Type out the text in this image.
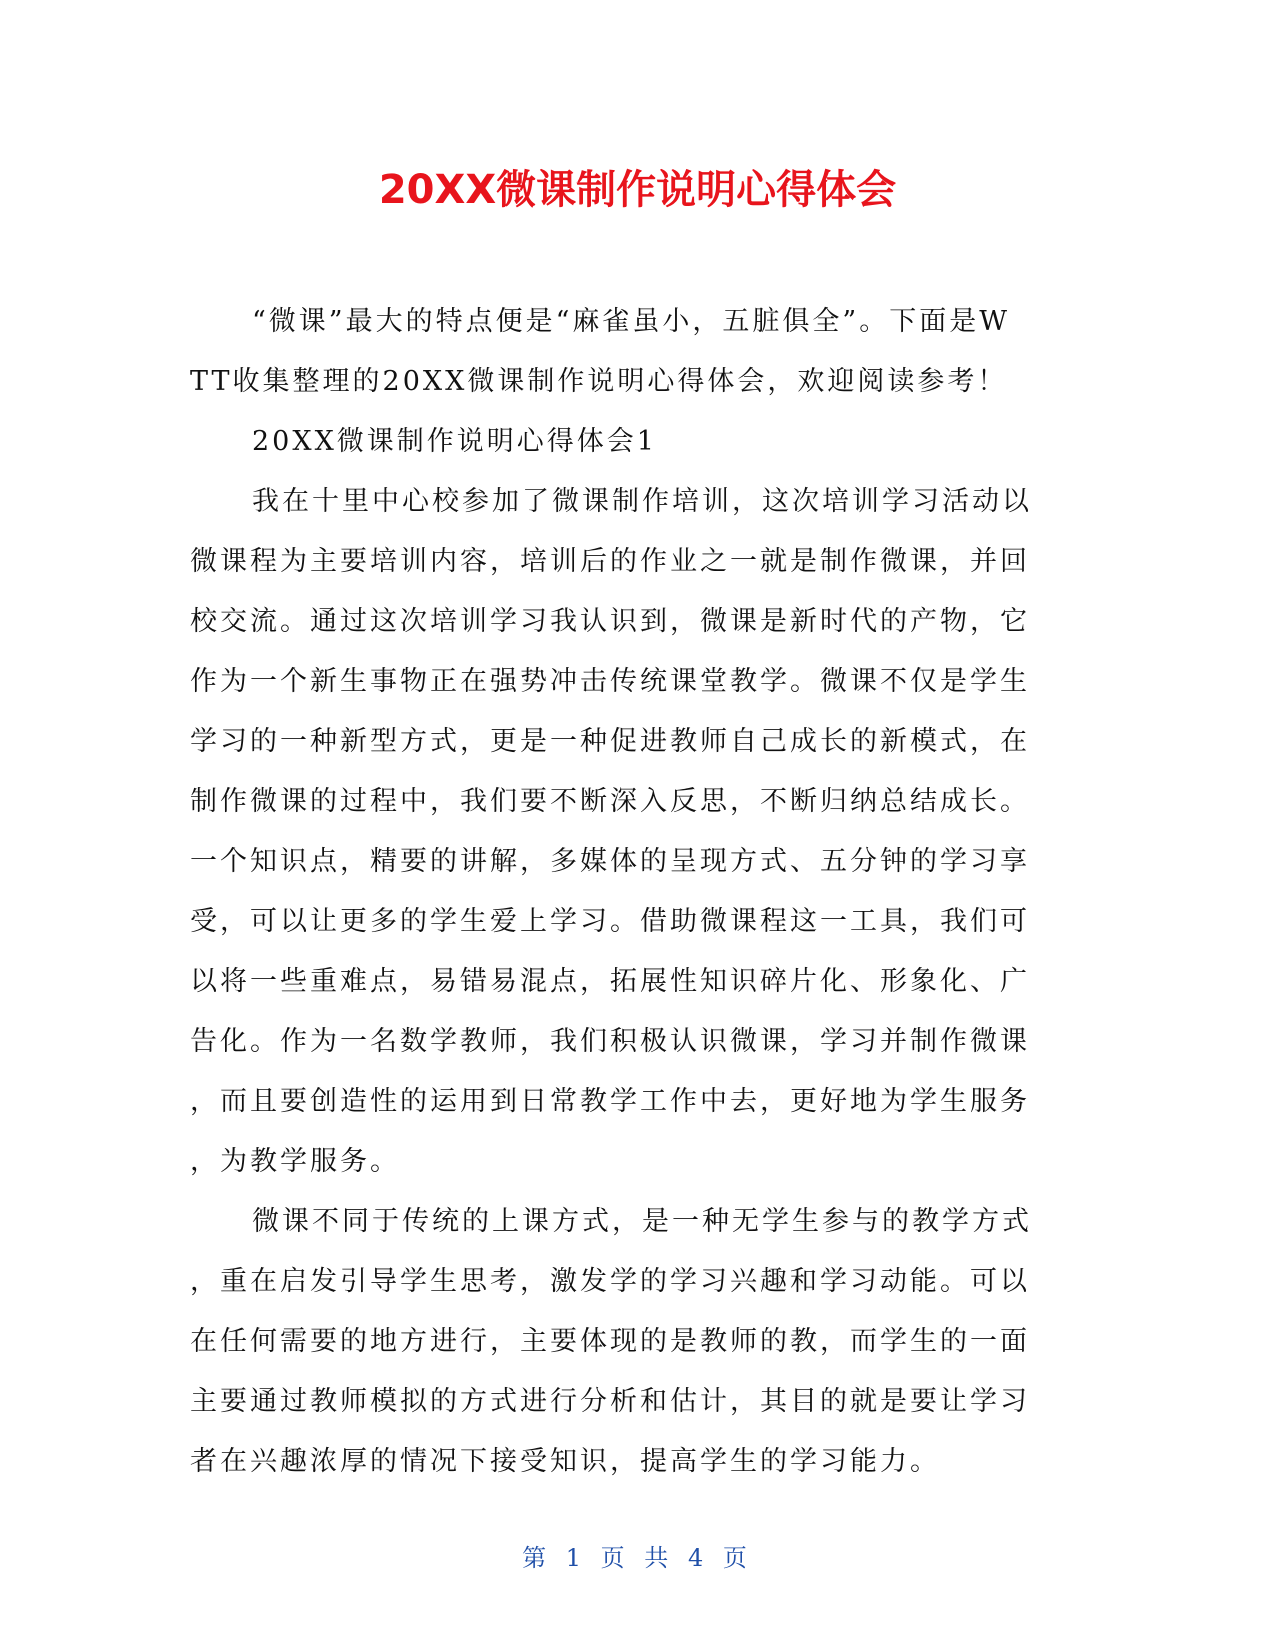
20XX微课制作说明心得体会
“微课”最大的特点便是“麻雀虽小，五脏俱全”。下面是W
TT收集整理的20XX微课制作说明心得体会，欢迎阅读参考！
20XX微课制作说明心得体会1
我在十里中心校参加了微课制作培训，这次培训学习活动以
微课程为主要培训内容，培训后的作业之一就是制作微课，并回
校交流。通过这次培训学习我认识到，微课是新时代的产物，它
作为一个新生事物正在强势冲击传统课堂教学。微课不仅是学生
学习的一种新型方式，更是一种促进教师自己成长的新模式，在
制作微课的过程中，我们要不断深入反思，不断归纳总结成长。
一个知识点，精要的讲解，多媒体的呈现方式、五分钟的学习享
受，可以让更多的学生爱上学习。借助微课程这一工具，我们可
以将一些重难点，易错易混点，拓展性知识碎片化、形象化、广
告化。作为一名数学教师，我们积极认识微课，学习并制作微课
，而且要创造性的运用到日常教学工作中去，更好地为学生服务
，为教学服务。
微课不同于传统的上课方式，是一种无学生参与的教学方式
，重在启发引导学生思考，激发学的学习兴趣和学习动能。可以
在任何需要的地方进行，主要体现的是教师的教，而学生的一面
主要通过教师模拟的方式进行分析和估计，其目的就是要让学习
者在兴趣浓厚的情况下接受知识，提高学生的学习能力。
第 1 页 共 4 页
